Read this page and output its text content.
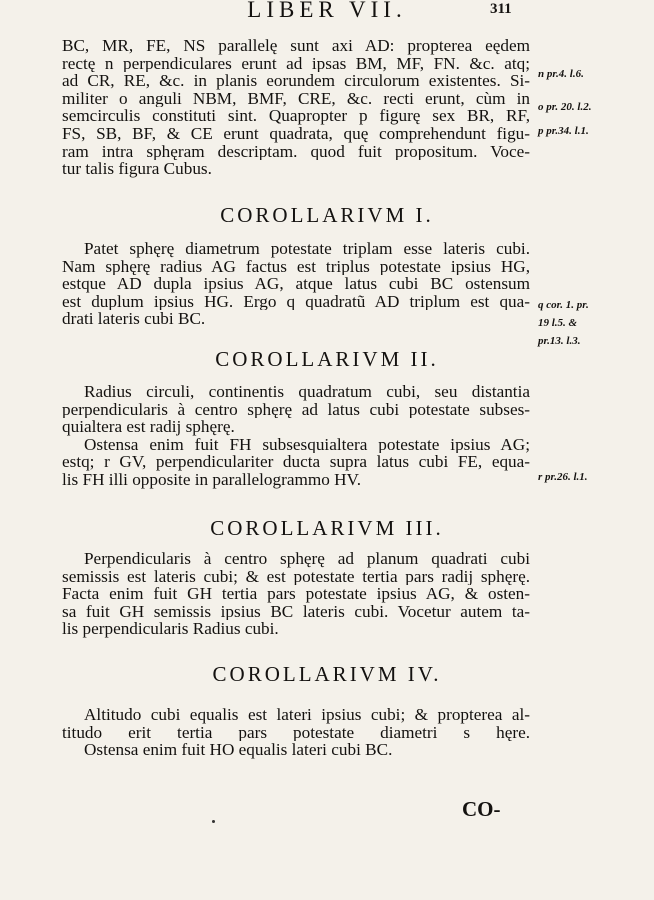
LIBER VII.	311
BC, MR, FE, NS parallelę sunt axi AD: propterea eędem
rectę n perpendiculares erunt ad ipsas BM, MF, FN. &c. atq;
ad CR, RE, &c. in planis eorundem circulorum existentes. Si-
militer o anguli NBM, BMF, CRE, &c. recti erunt, cùm in
semcirculis constituti sint. Quapropter p figurę sex BR, RF,
FS, SB, BF, & CE erunt quadrata, quę comprehendunt figu-
ram intra sphęram descriptam. quod fuit propositum. Voce-
tur talis figura Cubus.
COROLLARIVM I.
Patet sphęrę diametrum potestate triplam esse lateris cubi.
Nam sphęrę radius AG factus est triplus potestate ipsius HG,
estque AD dupla ipsius AG, atque latus cubi BC ostensum
est duplum ipsius HG. Ergo q quadratũ AD triplum est qua-
drati lateris cubi BC.
COROLLARIVM II.
Radius circuli, continentis quadratum cubi, seu distantia
perpendicularis à centro sphęrę ad latus cubi potestate subses-
quialtera est radij sphęrę.
Ostensa enim fuit FH subsesquialtera potestate ipsius AG;
estq; r GV, perpendiculariter ducta supra latus cubi FE, equa-
lis FH illi opposite in parallelogrammo HV.
COROLLARIVM III.
Perpendicularis à centro sphęrę ad planum quadrati cubi
semissis est lateris cubi; & est potestate tertia pars radij sphęrę.
Facta enim fuit GH tertia pars potestate ipsius AG, & osten-
sa fuit GH semissis ipsius BC lateris cubi. Vocetur autem ta-
lis perpendicularis Radius cubi.
COROLLARIVM IV.
Altitudo cubi equalis est lateri ipsius cubi; & propterea al-
titudo erit tertia pars potestate diametri s hęre.
Ostensa enim fuit HO equalis lateri cubi BC.
n pr.4. l.6.
o pr. 20. l.2.
p pr.34. l.1.
q cor. 1. pr.
19 l.5. &
pr.13. l.3.
r pr.26. l.1.
CO-
